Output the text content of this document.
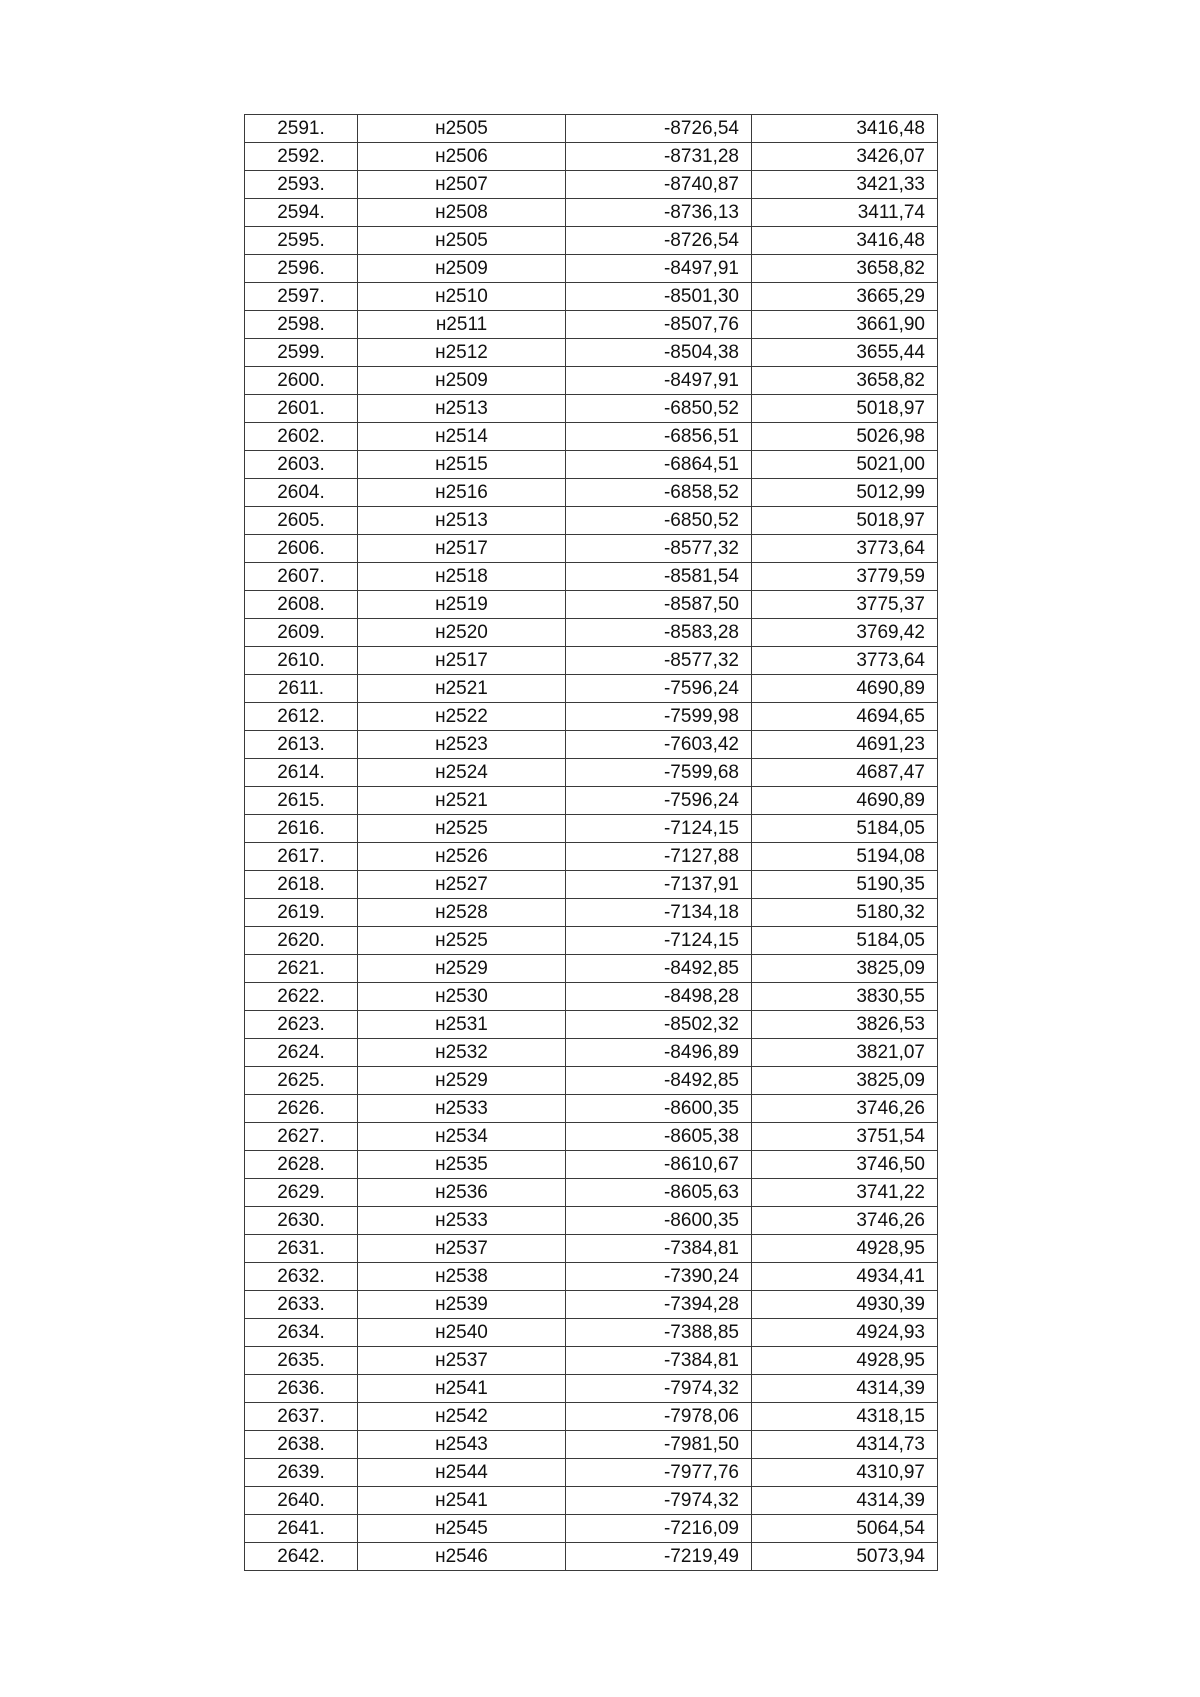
2591.	н2505	-8726,54	3416,48
2592.	н2506	-8731,28	3426,07
2593.	н2507	-8740,87	3421,33
2594.	н2508	-8736,13	3411,74
2595.	н2505	-8726,54	3416,48
2596.	н2509	-8497,91	3658,82
2597.	н2510	-8501,30	3665,29
2598.	н2511	-8507,76	3661,90
2599.	н2512	-8504,38	3655,44
2600.	н2509	-8497,91	3658,82
2601.	н2513	-6850,52	5018,97
2602.	н2514	-6856,51	5026,98
2603.	н2515	-6864,51	5021,00
2604.	н2516	-6858,52	5012,99
2605.	н2513	-6850,52	5018,97
2606.	н2517	-8577,32	3773,64
2607.	н2518	-8581,54	3779,59
2608.	н2519	-8587,50	3775,37
2609.	н2520	-8583,28	3769,42
2610.	н2517	-8577,32	3773,64
2611.	н2521	-7596,24	4690,89
2612.	н2522	-7599,98	4694,65
2613.	н2523	-7603,42	4691,23
2614.	н2524	-7599,68	4687,47
2615.	н2521	-7596,24	4690,89
2616.	н2525	-7124,15	5184,05
2617.	н2526	-7127,88	5194,08
2618.	н2527	-7137,91	5190,35
2619.	н2528	-7134,18	5180,32
2620.	н2525	-7124,15	5184,05
2621.	н2529	-8492,85	3825,09
2622.	н2530	-8498,28	3830,55
2623.	н2531	-8502,32	3826,53
2624.	н2532	-8496,89	3821,07
2625.	н2529	-8492,85	3825,09
2626.	н2533	-8600,35	3746,26
2627.	н2534	-8605,38	3751,54
2628.	н2535	-8610,67	3746,50
2629.	н2536	-8605,63	3741,22
2630.	н2533	-8600,35	3746,26
2631.	н2537	-7384,81	4928,95
2632.	н2538	-7390,24	4934,41
2633.	н2539	-7394,28	4930,39
2634.	н2540	-7388,85	4924,93
2635.	н2537	-7384,81	4928,95
2636.	н2541	-7974,32	4314,39
2637.	н2542	-7978,06	4318,15
2638.	н2543	-7981,50	4314,73
2639.	н2544	-7977,76	4310,97
2640.	н2541	-7974,32	4314,39
2641.	н2545	-7216,09	5064,54
2642.	н2546	-7219,49	5073,94
